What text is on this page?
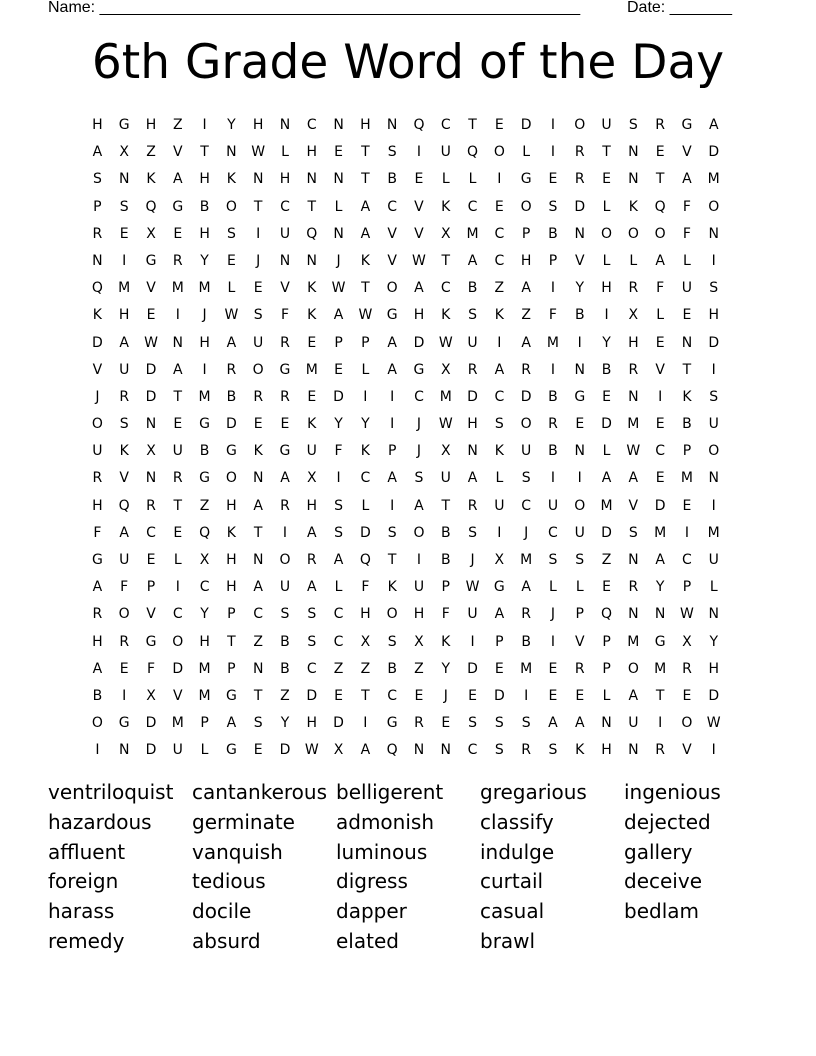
Name: ______________________________________________________	Date: _______
6th Grade Word of the Day
H	G	H	Z	I	Y	H	N	C	N	H	N	Q	C	T	E	D	I	O	U	S	R	G	A
A	X	Z	V	T	N	W	L	H	E	T	S	I	U	Q	O	L	I	R	T	N	E	V	D
S	N	K	A	H	K	N	H	N	N	T	B	E	L	L	I	G	E	R	E	N	T	A	M
P	S	Q	G	B	O	T	C	T	L	A	C	V	K	C	E	O	S	D	L	K	Q	F	O
R	E	X	E	H	S	I	U	Q	N	A	V	V	X	M	C	P	B	N	O	O	O	F	N
N	I	G	R	Y	E	J	N	N	J	K	V	W	T	A	C	H	P	V	L	L	A	L	I
Q	M	V	M	M	L	E	V	K	W	T	O	A	C	B	Z	A	I	Y	H	R	F	U	S
K	H	E	I	J	W	S	F	K	A	W	G	H	K	S	K	Z	F	B	I	X	L	E	H
D	A	W	N	H	A	U	R	E	P	P	A	D	W	U	I	A	M	I	Y	H	E	N	D
V	U	D	A	I	R	O	G	M	E	L	A	G	X	R	A	R	I	N	B	R	V	T	I
J	R	D	T	M	B	R	R	E	D	I	I	C	M	D	C	D	B	G	E	N	I	K	S
O	S	N	E	G	D	E	E	K	Y	Y	I	J	W	H	S	O	R	E	D	M	E	B	U
U	K	X	U	B	G	K	G	U	F	K	P	J	X	N	K	U	B	N	L	W	C	P	O
R	V	N	R	G	O	N	A	X	I	C	A	S	U	A	L	S	I	I	A	A	E	M	N
H	Q	R	T	Z	H	A	R	H	S	L	I	A	T	R	U	C	U	O	M	V	D	E	I
F	A	C	E	Q	K	T	I	A	S	D	S	O	B	S	I	J	C	U	D	S	M	I	M
G	U	E	L	X	H	N	O	R	A	Q	T	I	B	J	X	M	S	S	Z	N	A	C	U
A	F	P	I	C	H	A	U	A	L	F	K	U	P	W	G	A	L	L	E	R	Y	P	L
R	O	V	C	Y	P	C	S	S	C	H	O	H	F	U	A	R	J	P	Q	N	N	W	N
H	R	G	O	H	T	Z	B	S	C	X	S	X	K	I	P	B	I	V	P	M	G	X	Y
A	E	F	D	M	P	N	B	C	Z	Z	B	Z	Y	D	E	M	E	R	P	O	M	R	H
B	I	X	V	M	G	T	Z	D	E	T	C	E	J	E	D	I	E	E	L	A	T	E	D
O	G	D	M	P	A	S	Y	H	D	I	G	R	E	S	S	S	A	A	N	U	I	O	W
I	N	D	U	L	G	E	D	W	X	A	Q	N	N	C	S	R	S	K	H	N	R	V	I
ventriloquist cantankerous belligerent	gregarious	ingenious
hazardous	germinate	admonish	classify	dejected
affluent	vanquish	luminous	indulge	gallery
foreign	tedious	digress	curtail	deceive
harass	docile	dapper	casual	bedlam
remedy	absurd	elated	brawl
